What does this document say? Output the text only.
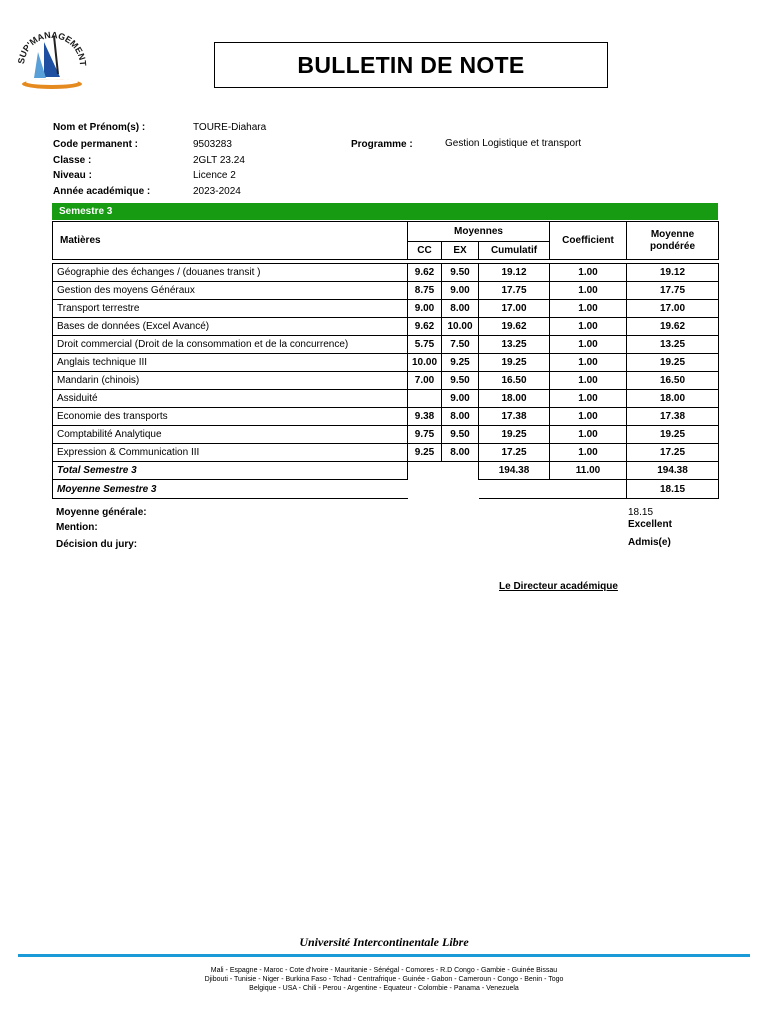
SUP'MANAGEMENT	BULLETIN DE NOTE
Nom et Prénom(s) :	TOURE-Diahara
Code permanent :	9503283	Programme :	Gestion Logistique et transport
Classe :	2GLT 23.24
Niveau :	Licence 2
Année académique :	2023-2024
Semestre 3
Matières	Moyennes			Coefficient	Moyenne
pondérée
	CC	EX	Cumulatif		

Géographie des échanges / (douanes transit )	9.62	9.50	19.12	1.00	19.12
Gestion des moyens Généraux	8.75	9.00	17.75	1.00	17.75
Transport terrestre	9.00	8.00	17.00	1.00	17.00
Bases de données (Excel Avancé)	9.62	10.00	19.62	1.00	19.62
Droit commercial (Droit de la consommation et de la concurrence)	5.75	7.50	13.25	1.00	13.25
Anglais technique III	10.00	9.25	19.25	1.00	19.25
Mandarin (chinois)	7.00	9.50	16.50	1.00	16.50
Assiduité		9.00	18.00	1.00	18.00
Economie des transports	9.38	8.00	17.38	1.00	17.38
Comptabilité Analytique	9.75	9.50	19.25	1.00	19.25
Expression & Communication III	9.25	8.00	17.25	1.00	17.25
Total Semestre 3			194.38	11.00	194.38
Moyenne Semestre 3					18.15
Moyenne générale:	18.15
Mention:	Excellent
Décision du jury:	Admis(e)
Le Directeur académique
Université Intercontinentale Libre
Mali - Espagne - Maroc - Cote d'Ivoire - Mauritanie - Sénégal - Comores - R.D Congo - Gambie - Guinée Bissau
Djibouti - Tunisie - Niger - Burkina Faso - Tchad - Centrafrique - Guinée - Gabon - Cameroun - Congo - Benin - Togo
Belgique - USA - Chili - Perou - Argentine - Equateur - Colombie - Panama - Venezuela
